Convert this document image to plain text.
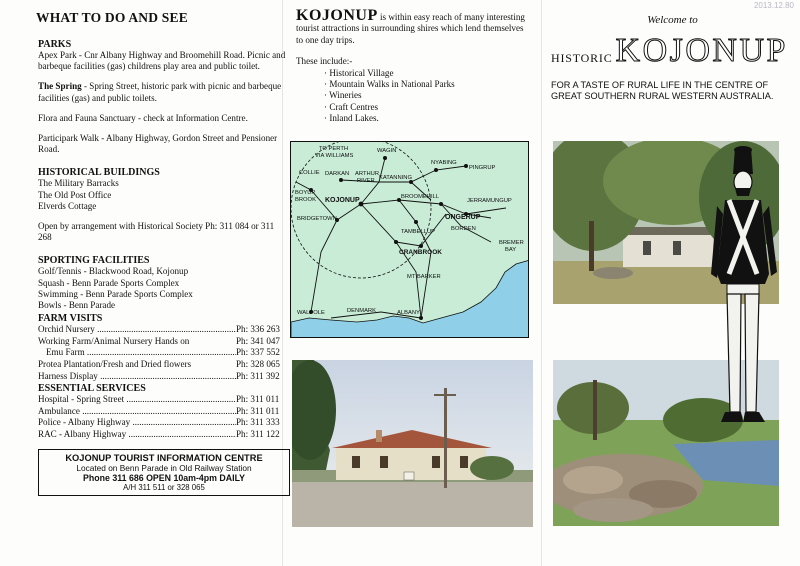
WHAT TO DO AND SEE
PARKS
Apex Park - Cnr Albany Highway and Broomehill Road. Picnic and barbeque facilities (gas) childrens play area and public toilet.
The Spring - Spring Street, historic park with picnic and barbeque facilities (gas) and public toilets.
Flora and Fauna Sanctuary - check at Information Centre.
Participark Walk - Albany Highway, Gordon Street and Pensioner Road.
HISTORICAL BUILDINGS
The Military Barracks
The Old Post Office
Elverds Cottage
Open by arrangement with Historical Society Ph: 311 084 or 311 268
SPORTING FACILITIES
Golf/Tennis - Blackwood Road, Kojonup
Squash - Benn Parade Sports Complex
Swimming - Benn Parade Sports Complex
Bowls - Benn Parade
FARM VISITS
Orchid Nursery .....	Ph: 336 263
Working Farm/Animal Nursery Hands on	Ph: 341 047
Emu Farm .....	Ph: 337 552
Protea Plantation/Fresh and Dried flowers	Ph: 328 065
Harness Display .....	Ph: 311 392
ESSENTIAL SERVICES
Hospital - Spring Street .....	Ph: 311 011
Ambulance .....	Ph: 311 011
Police - Albany Highway .....	Ph: 311 333
RAC - Albany Highway .....	Ph: 311 122
KOJONUP TOURIST INFORMATION CENTRE
Located on Benn Parade in Old Railway Station
Phone 311 686 OPEN 10am-4pm DAILY
A/H 311 511 or 328 065
KOJONUP is within easy reach of many interesting tourist attractions in surrounding shires which lend themselves to one day trips.
These include:-
· Historical Village
· Mountain Walks in National Parks
· Wineries
· Craft Centres
· Inland Lakes.
TO PERTH
VIA WILLIAMS
WAGIN
NYABING
PINGRUP
COLLIE DARKAN ARTHUR
RIVER KATANNING
BOYUP
BROOK KOJONUP	BROOMEHILL
JERRAMUNGUP
ONGERUP
BRIDGETOWN
BORDEN
TAMBELLUP
CRANBROOK
BREMER
BAY
MT BARKER
WALPOLE	DENMARK	ALBANY
2013.12.80
Welcome to
HISTORIC KOJONUP
FOR A TASTE OF RURAL LIFE IN THE CENTRE OF GREAT SOUTHERN RURAL WESTERN AUSTRALIA.
